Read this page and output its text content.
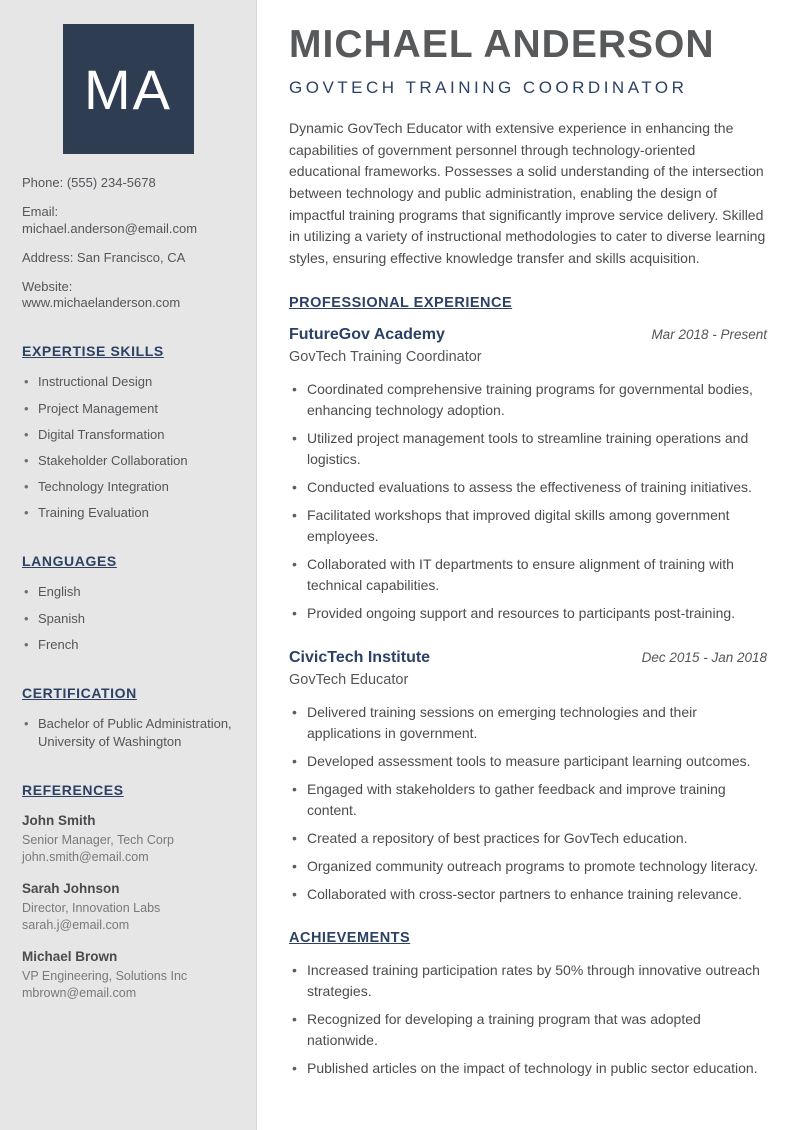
MA
Phone: (555) 234-5678
Email: michael.anderson@email.com
Address: San Francisco, CA
Website: www.michaelanderson.com
EXPERTISE SKILLS
• Instructional Design
• Project Management
• Digital Transformation
• Stakeholder Collaboration
• Technology Integration
• Training Evaluation
LANGUAGES
• English
• Spanish
• French
CERTIFICATION
• Bachelor of Public Administration, University of Washington
REFERENCES
John Smith
Senior Manager, Tech Corp
john.smith@email.com
Sarah Johnson
Director, Innovation Labs
sarah.j@email.com
Michael Brown
VP Engineering, Solutions Inc
mbrown@email.com
MICHAEL ANDERSON
GOVTECH TRAINING COORDINATOR

Dynamic GovTech Educator with extensive experience in enhancing the capabilities of government personnel through technology-oriented educational frameworks. Possesses a solid understanding of the intersection between technology and public administration, enabling the design of impactful training programs that significantly improve service delivery. Skilled in utilizing a variety of instructional methodologies to cater to diverse learning styles, ensuring effective knowledge transfer and skills acquisition.

PROFESSIONAL EXPERIENCE
FutureGov Academy	Mar 2018 - Present
GovTech Training Coordinator
• Coordinated comprehensive training programs for governmental bodies, enhancing technology adoption.
• Utilized project management tools to streamline training operations and logistics.
• Conducted evaluations to assess the effectiveness of training initiatives.
• Facilitated workshops that improved digital skills among government employees.
• Collaborated with IT departments to ensure alignment of training with technical capabilities.
• Provided ongoing support and resources to participants post-training.
CivicTech Institute	Dec 2015 - Jan 2018
GovTech Educator
• Delivered training sessions on emerging technologies and their applications in government.
• Developed assessment tools to measure participant learning outcomes.
• Engaged with stakeholders to gather feedback and improve training content.
• Created a repository of best practices for GovTech education.
• Organized community outreach programs to promote technology literacy.
• Collaborated with cross-sector partners to enhance training relevance.
ACHIEVEMENTS
• Increased training participation rates by 50% through innovative outreach strategies.
• Recognized for developing a training program that was adopted nationwide.
• Published articles on the impact of technology in public sector education.
